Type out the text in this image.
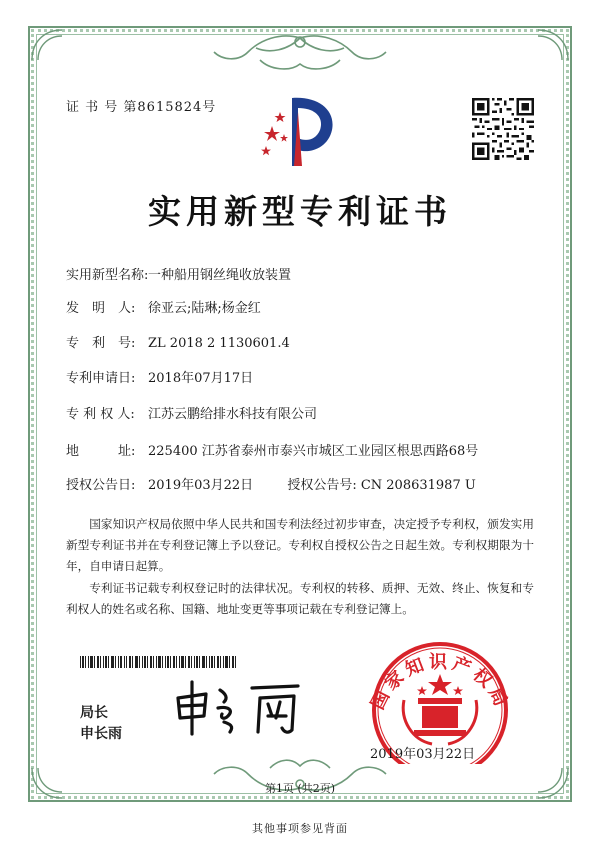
证 书 号 第8615824号
实用新型专利证书
实用新型名称:一种船用钢丝绳收放装置
发　明　人: 徐亚云;陆琳;杨金红
专　利　号: ZL 2018 2 1130601.4
专利申请日: 2018年07月17日
专 利 权 人: 江苏云鹏给排水科技有限公司
地　　　址: 225400 江苏省泰州市泰兴市城区工业园区根思西路68号
授权公告日: 2019年03月22日	授权公告号: CN 208631987 U
国家知识产权局依照中华人民共和国专利法经过初步审查，决定授予专利权，颁发实用新型专利证书并在专利登记簿上予以登记。专利权自授权公告之日起生效。专利权期限为十年，自申请日起算。
专利证书记载专利权登记时的法律状况。专利权的转移、质押、无效、终止、恢复和专利权人的姓名或名称、国籍、地址变更等事项记载在专利登记簿上。
局长
申长雨
国家知识产权局
2019年03月22日
第1页 (共2页)
其他事项参见背面
